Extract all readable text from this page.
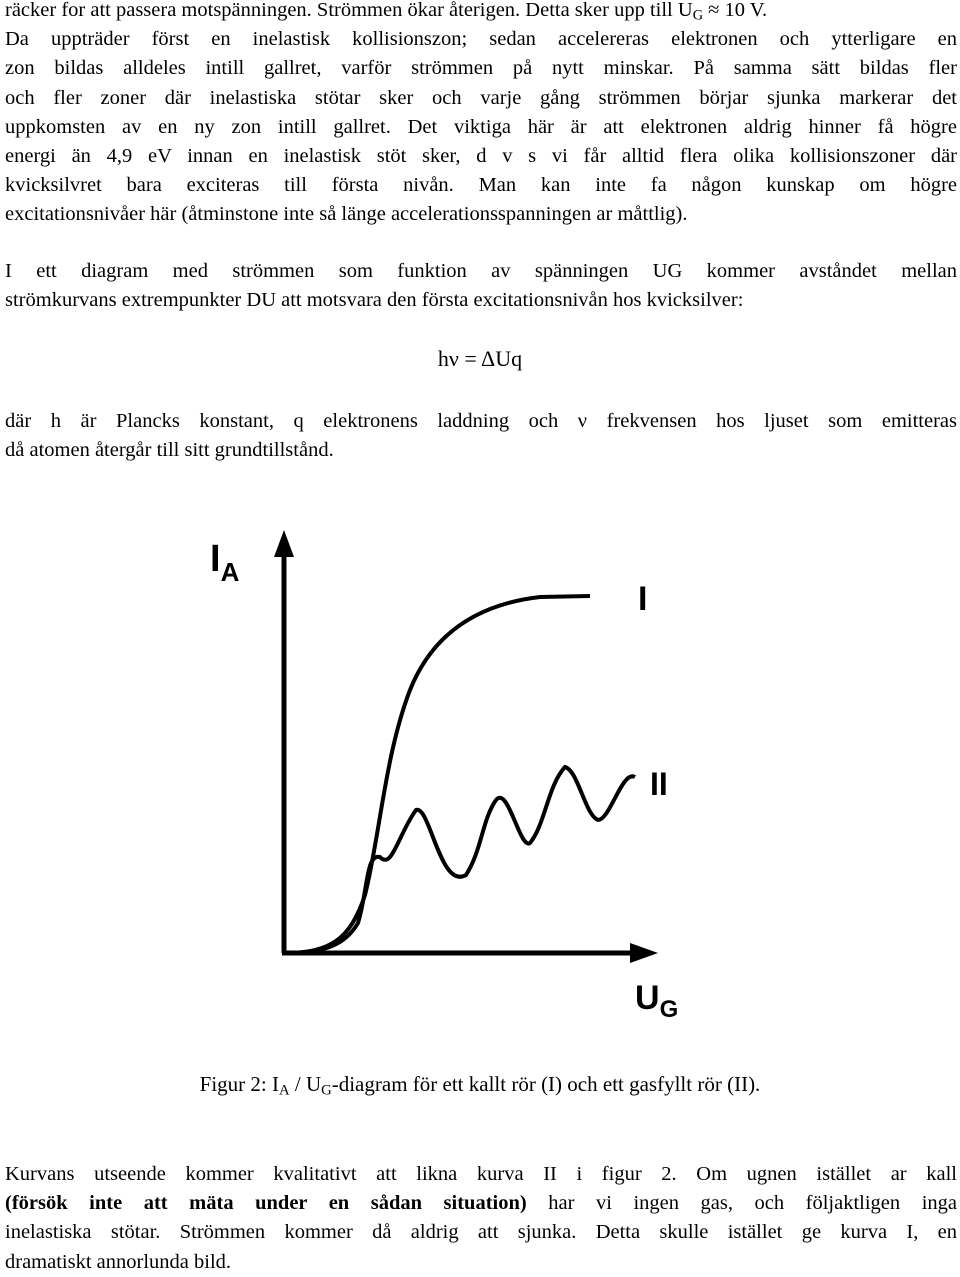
räcker for att passera motspänningen. Strömmen ökar återigen. Detta sker upp till $U_G \approx 10$ V.
Da uppträder först en inelastisk kollisionszon; sedan accelereras elektronen och ytterligare en
zon bildas alldeles intill gallret, varför strömmen på nytt minskar. På samma sätt bildas fler
och fler zoner där inelastiska stötar sker och varje gång strömmen börjar sjunka markerar det
uppkomsten av en ny zon intill gallret. Det viktiga här är att elektronen aldrig hinner få högre
energi än 4,9 eV innan en inelastisk stöt sker, d v s vi får alltid flera olika kollisionszoner där
kvicksilvret bara exciteras till första nivån. Man kan inte fa någon kunskap om högre
excitationsnivåer här (åtminstone inte så länge accelerationsspanningen ar måttlig).
I ett diagram med strömmen som funktion av spänningen UG kommer avståndet mellan
strömkurvans extrempunkter DU att motsvara den första excitationsnivån hos kvicksilver:
hν = ΔUq
där h är Plancks konstant, q elektronens laddning och ν frekvensen hos ljuset som emitteras
då atomen återgår till sitt grundtillstånd.
$I_A$
$U_G$
I
II
Figur 2: $I_A$ / $U_G$-diagram för ett kallt rör (I) och ett gasfyllt rör (II).
Kurvans utseende kommer kvalitativt att likna kurva II i figur 2. Om ugnen istället ar kall
(försök inte att mäta under en sådan situation) har vi ingen gas, och följaktligen inga
inelastiska stötar. Strömmen kommer då aldrig att sjunka. Detta skulle istället ge kurva I, en
dramatiskt annorlunda bild.
